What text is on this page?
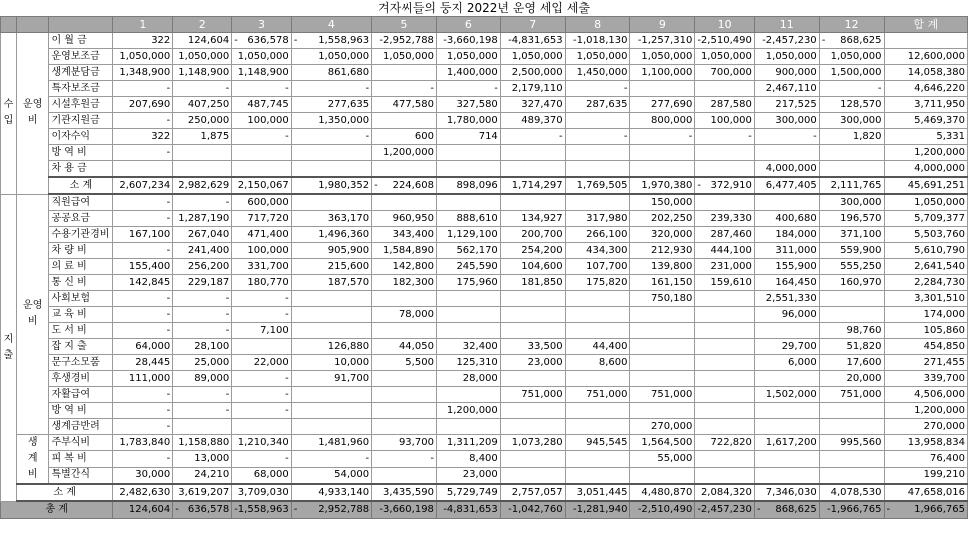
겨자씨들의 둥지 2022년 운영 세입 세출
			1	2	3	4	5	6	7	8	9	10	11	12	합 계
수
입	운영비	이 월 금	322	124,604	- 636,578	- 1,558,963	-2,952,788	-3,660,198	-4,831,653	-1,018,130	-1,257,310	-2,510,490	-2,457,230	- 868,625	

		운영보조금	1,050,000	1,050,000	1,050,000	1,050,000	1,050,000	1,050,000	1,050,000	1,050,000	1,050,000	1,050,000	1,050,000	1,050,000	12,600,000
		생계분담금	1,348,900	1,148,900	1,148,900	861,680		1,400,000	2,500,000	1,450,000	1,100,000	700,000	900,000	1,500,000	14,058,380
		특자보조금	-	-	-	-	-	-	2,179,110	-			2,467,110	-	4,646,220
		시설후원금	207,690	407,250	487,745	277,635	477,580	327,580	327,470	287,635	277,690	287,580	217,525	128,570	3,711,950
		기관지원금	-	250,000	100,000	1,350,000		1,780,000	489,370		800,000	100,000	300,000	300,000	5,469,370
		이자수익	322	1,875	-	-	600	714	-	-	-	-	-	1,820	5,331
		방 역 비	-				1,200,000								1,200,000
		차 용 금											4,000,000		4,000,000
		소 계	2,607,234	2,982,629	2,150,067	1,980,352	- 224,608	898,096	1,714,297	1,769,505	1,970,380	- 372,910	6,477,405	2,111,765	45,691,251
지
출	운영
비	직원급여	-	-	600,000						150,000			300,000	1,050,000
		공공요금	-	1,287,190	717,720	363,170	960,950	888,610	134,927	317,980	202,250	239,330	400,680	196,570	5,709,377
		수용기관경비	167,100	267,040	471,400	1,496,360	343,400	1,129,100	200,700	266,100	320,000	287,460	184,000	371,100	5,503,760
		차 량 비	-	241,400	100,000	905,900	1,584,890	562,170	254,200	434,300	212,930	444,100	311,000	559,900	5,610,790
		의 료 비	155,400	256,200	331,700	215,600	142,800	245,590	104,600	107,700	139,800	231,000	155,900	555,250	2,641,540
		통 신 비	142,845	229,187	180,770	187,570	182,300	175,960	181,850	175,820	161,150	159,610	164,450	160,970	2,284,730
		사회보험	-	-	-						750,180		2,551,330		3,301,510
		교 육 비	-	-	-		78,000						96,000		174,000
		도 서 비	-	-	7,100									98,760	105,860
		잡 지 출	64,000	28,100		126,880	44,050	32,400	33,500	44,400			29,700	51,820	454,850
		문구소모품	28,445	25,000	22,000	10,000	5,500	125,310	23,000	8,600			6,000	17,600	271,455
		후생경비	111,000	89,000	-	91,700		28,000						20,000	339,700
		자활급여	-	-	-				751,000	751,000	751,000		1,502,000	751,000	4,506,000
		방 역 비	-	-	-			1,200,000							1,200,000
		생계금반려	-								270,000				270,000
	생
계
비	주부식비	1,783,840	1,158,880	1,210,340	1,481,960	93,700	1,311,209	1,073,280	945,545	1,564,500	722,820	1,617,200	995,560	13,958,834
		피 복 비	-	13,000	-	-	-	8,400			55,000				76,400
		특별간식	30,000	24,210	68,000	54,000		23,000							199,210
	소 계		2,482,630	3,619,207	3,709,030	4,933,140	3,435,590	5,729,749	2,757,057	3,051,445	4,480,870	2,084,320	7,346,030	4,078,530	47,658,016
총 계			124,604	- 636,578	-1,558,963	- 2,952,788	-3,660,198	-4,831,653	-1,042,760	-1,281,940	-2,510,490	-2,457,230	- 868,625	-1,966,765	- 1,966,765
